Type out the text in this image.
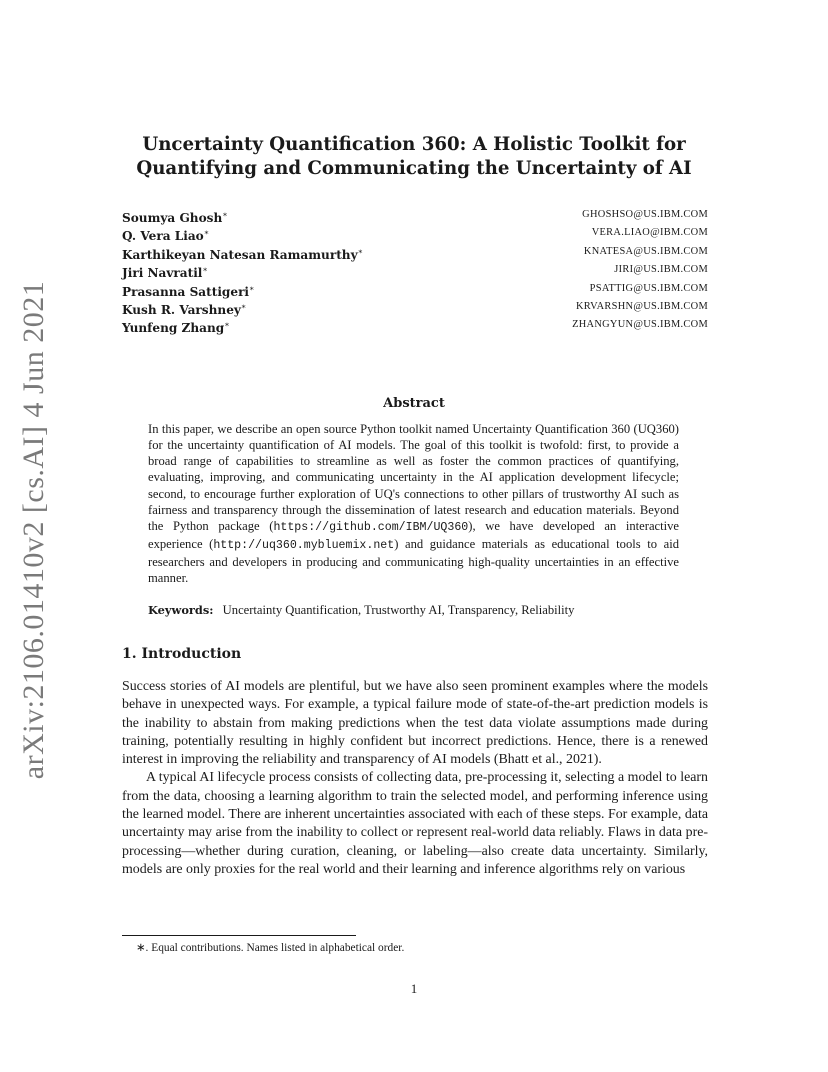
arXiv:2106.01410v2 [cs.AI] 4 Jun 2021
Uncertainty Quantification 360: A Holistic Toolkit for
Quantifying and Communicating the Uncertainty of AI
Soumya Ghosh∗	GHOSHSO@US.IBM.COM
Q. Vera Liao∗	VERA.LIAO@IBM.COM
Karthikeyan Natesan Ramamurthy∗	KNATESA@US.IBM.COM
Jiri Navratil∗	JIRI@US.IBM.COM
Prasanna Sattigeri∗	PSATTIG@US.IBM.COM
Kush R. Varshney∗	KRVARSHN@US.IBM.COM
Yunfeng Zhang∗	ZHANGYUN@US.IBM.COM
Abstract
In this paper, we describe an open source Python toolkit named Uncertainty Quantification 360 (UQ360) for the uncertainty quantification of AI models. The goal of this toolkit is twofold: first, to provide a broad range of capabilities to streamline as well as foster the common practices of quantifying, evaluating, improving, and communicating uncertainty in the AI application development lifecycle; second, to encourage further exploration of UQ's connections to other pillars of trustworthy AI such as fairness and transparency through the dissemination of latest research and education materials. Beyond the Python package (https://github.com/IBM/UQ360), we have developed an interactive experience (http://uq360.mybluemix.net) and guidance materials as educational tools to aid researchers and developers in producing and communicating high-quality uncertainties in an effective manner.
Keywords: Uncertainty Quantification, Trustworthy AI, Transparency, Reliability
1. Introduction

Success stories of AI models are plentiful, but we have also seen prominent examples where the models behave in unexpected ways. For example, a typical failure mode of state-of-the-art prediction models is the inability to abstain from making predictions when the test data violate assumptions made during training, potentially resulting in highly confident but incorrect predictions. Hence, there is a renewed interest in improving the reliability and transparency of AI models (Bhatt et al., 2021).

A typical AI lifecycle process consists of collecting data, pre-processing it, selecting a model to learn from the data, choosing a learning algorithm to train the selected model, and performing inference using the learned model. There are inherent uncertainties associated with each of these steps. For example, data uncertainty may arise from the inability to collect or represent real-world data reliably. Flaws in data pre-processing—whether during curation, cleaning, or labeling—also create data uncertainty. Similarly, models are only proxies for the real world and their learning and inference algorithms rely on various

∗. Equal contributions. Names listed in alphabetical order.
1
